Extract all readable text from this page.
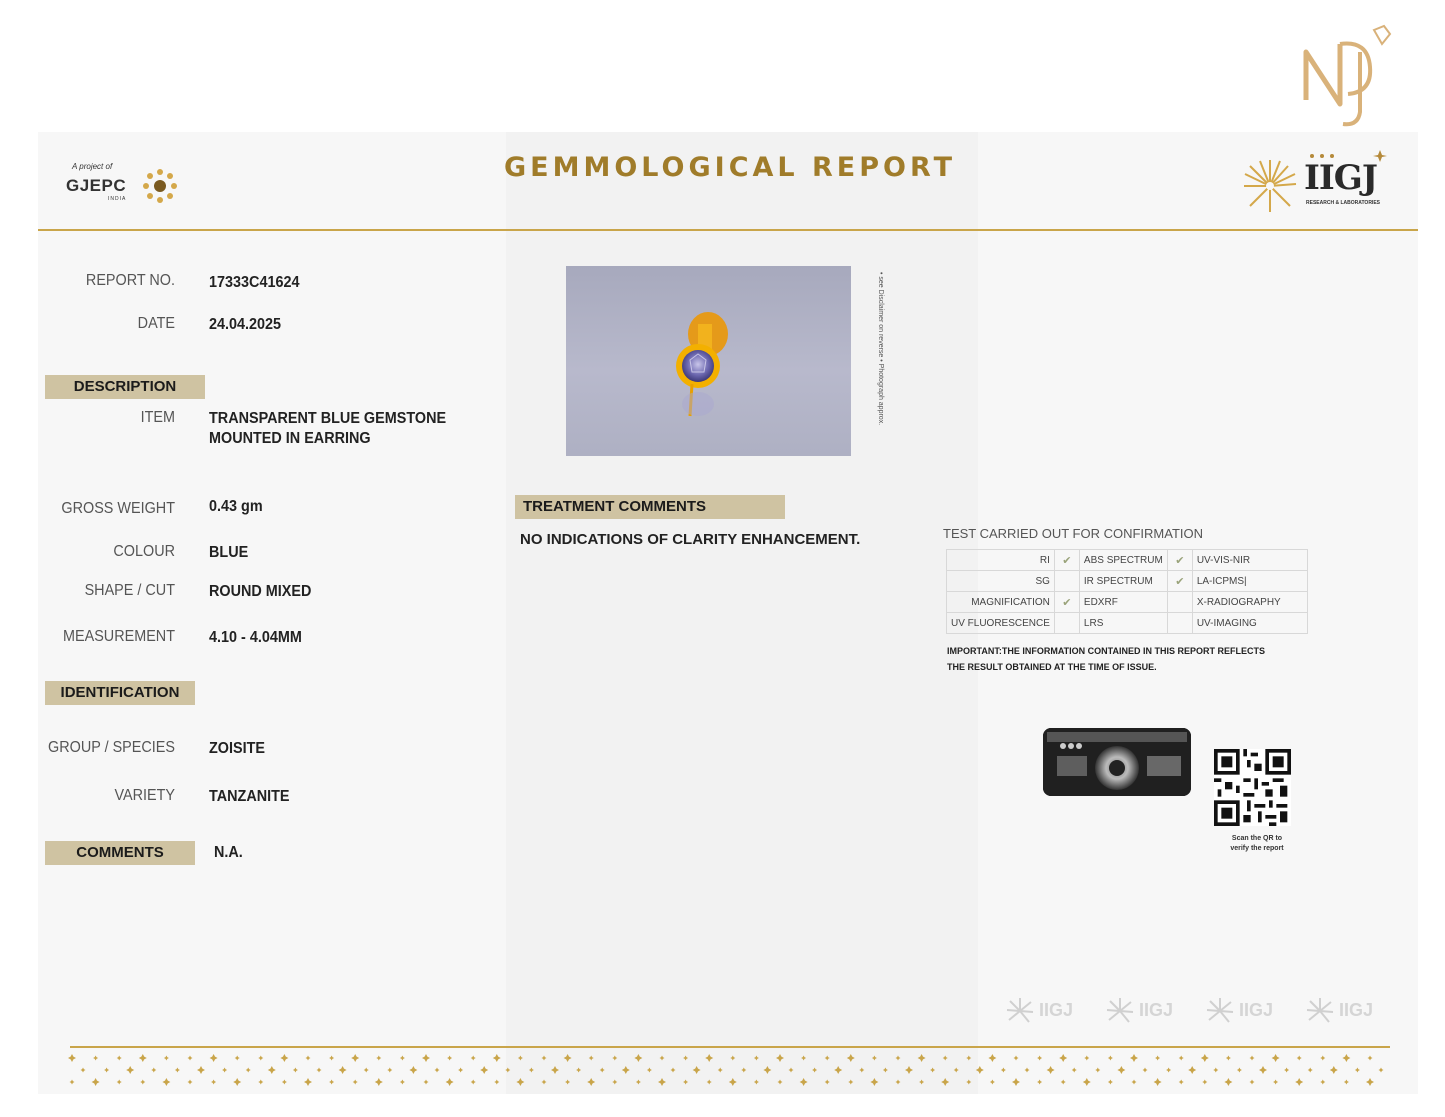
A project of
GJEPC
INDIA
GEMMOLOGICAL REPORT	IIGJ
RESEARCH & LABORATORIES
REPORT NO. 17333C41624
DATE 24.04.2025
DESCRIPTION
ITEM TRANSPARENT BLUE GEMSTONE
MOUNTED IN EARRING
GROSS WEIGHT 0.43 gm
COLOUR BLUE
SHAPE / CUT ROUND MIXED
MEASUREMENT 4.10 - 4.04MM
IDENTIFICATION
GROUP / SPECIES ZOISITE
VARIETY TANZANITE
COMMENTS	N.A.
• see Disclaimer on reverse • Photograph approx.
TREATMENT COMMENTS
NO INDICATIONS OF CLARITY ENHANCEMENT.	TEST CARRIED OUT FOR CONFIRMATION
RI	✔	ABS SPECTRUM	✔	UV-VIS-NIR
SG		IR SPECTRUM	✔	LA-ICPMS|
MAGNIFICATION	✔	EDXRF		X-RADIOGRAPHY
UV FLUORESCENCE		LRS		UV-IMAGING
IMPORTANT:THE INFORMATION CONTAINED IN THIS REPORT REFLECTS THE RESULT OBTAINED AT THE TIME OF ISSUE.
Scan the QR to
verify the report
IIGJ	IIGJ	IIGJ	IIGJ
